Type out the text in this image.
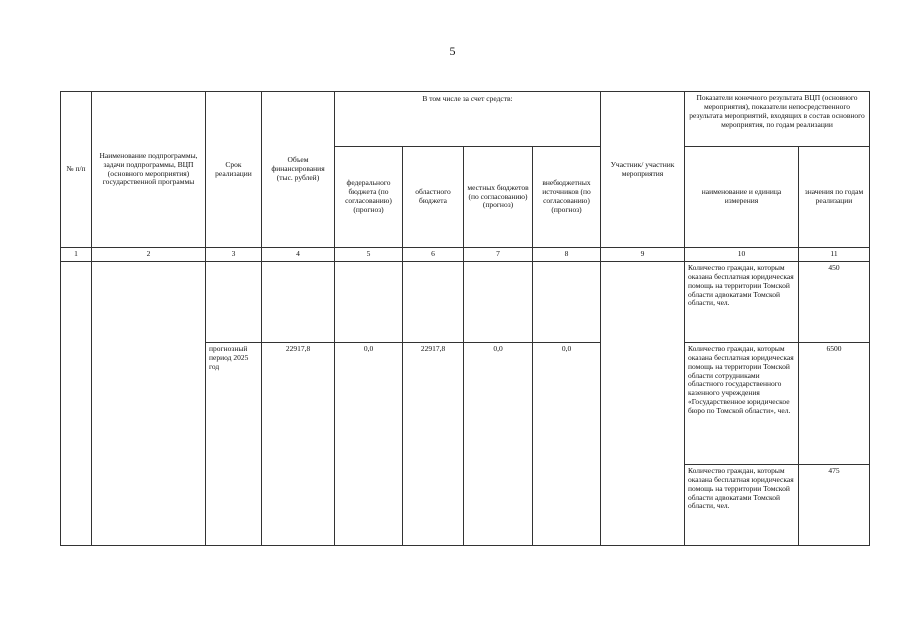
5
№ п/п	Наименование подпрограммы, задачи подпрограммы, ВЦП (основного мероприятия) государственной программы	Срок реализации	Объем финансирования (тыс. рублей)	В том числе за счет средств:				Участник/ участник мероприятия	Показатели конечного результата ВЦП (основного мероприятия), показатели непосредственного результата мероприятий, входящих в состав основного мероприятия, по годам реализации	
				федерального бюджета (по согласованию) (прогноз)	областного бюджета	местных бюджетов (по согласованию) (прогноз)	внебюджетных источников (по согласованию) (прогноз)		наименование и единица измерения	значения по годам реализации
1	2	3	4	5	6	7	8	9	10	11
									Количество граждан, которым оказана бесплатная юридическая помощь на территории Томской области адвокатами Томской области, чел.	450
		прогнозный период 2025 год	22917,8	0,0	22917,8	0,0	0,0		Количество граждан, которым оказана бесплатная юридическая помощь на территории Томской области сотрудниками областного государственного казенного учреждения «Государственное юридическое бюро по Томской области», чел.	6500
									Количество граждан, которым оказана бесплатная юридическая помощь на территории Томской области адвокатами Томской области, чел.	475
